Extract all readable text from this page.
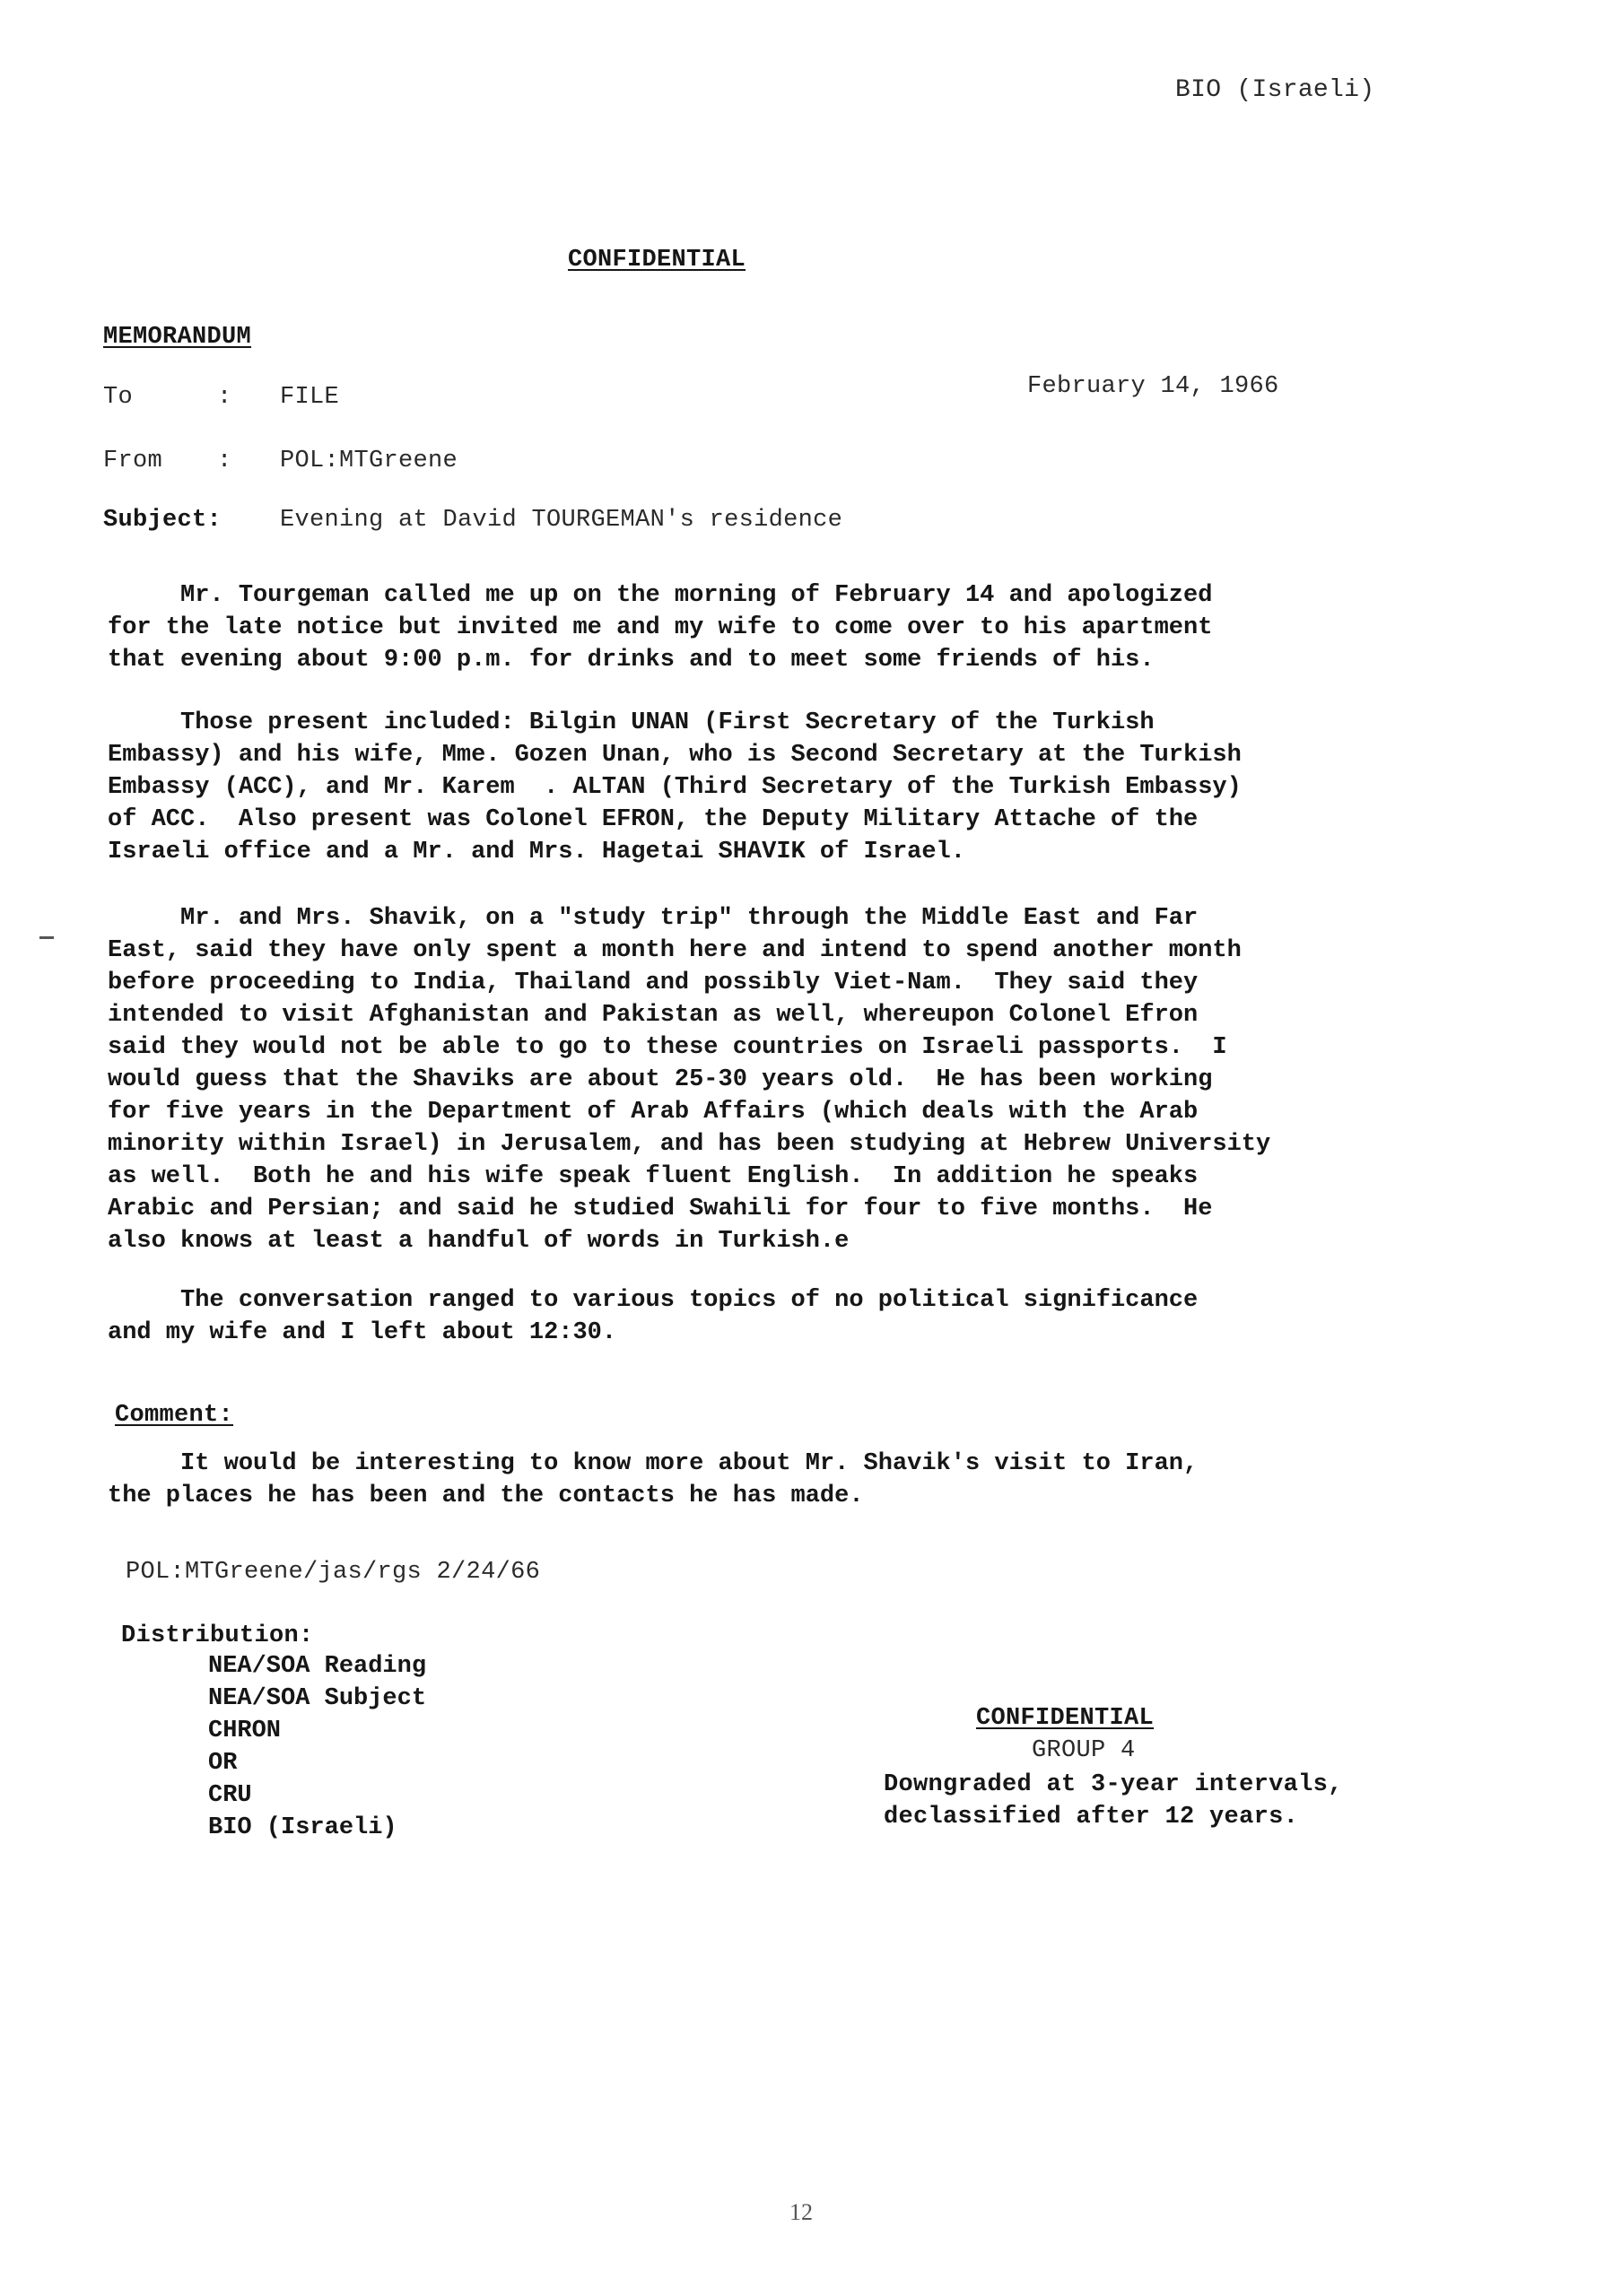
BIO (Israeli)
CONFIDENTIAL
MEMORANDUM
February 14, 1966
To	: FILE
From	: POL:MTGreene
Subject: Evening at David TOURGEMAN's residence
Mr. Tourgeman called me up on the morning of February 14 and apologized
for the late notice but invited me and my wife to come over to his apartment
that evening about 9:00 p.m. for drinks and to meet some friends of his.
Those present included: Bilgin UNAN (First Secretary of the Turkish
Embassy) and his wife, Mme. Gozen Unan, who is Second Secretary at the Turkish
Embassy (ACC), and Mr. Karem  . ALTAN (Third Secretary of the Turkish Embassy)
of ACC.  Also present was Colonel EFRON, the Deputy Military Attache of the
Israeli office and a Mr. and Mrs. Hagetai SHAVIK of Israel.
Mr. and Mrs. Shavik, on a "study trip" through the Middle East and Far
East, said they have only spent a month here and intend to spend another month
before proceeding to India, Thailand and possibly Viet-Nam.  They said they
intended to visit Afghanistan and Pakistan as well, whereupon Colonel Efron
said they would not be able to go to these countries on Israeli passports.  I
would guess that the Shaviks are about 25-30 years old.  He has been working
for five years in the Department of Arab Affairs (which deals with the Arab
minority within Israel) in Jerusalem, and has been studying at Hebrew University
as well.  Both he and his wife speak fluent English.  In addition he speaks
Arabic and Persian; and said he studied Swahili for four to five months.  He
also knows at least a handful of words in Turkish.e
The conversation ranged to various topics of no political significance
and my wife and I left about 12:30.
Comment:
It would be interesting to know more about Mr. Shavik's visit to Iran,
the places he has been and the contacts he has made.
POL:MTGreene/jas/rgs 2/24/66
Distribution:
NEA/SOA Reading
NEA/SOA Subject
CHRON
OR
CRU
BIO (Israeli)
CONFIDENTIAL
GROUP 4
Downgraded at 3-year intervals,
declassified after 12 years.
12
